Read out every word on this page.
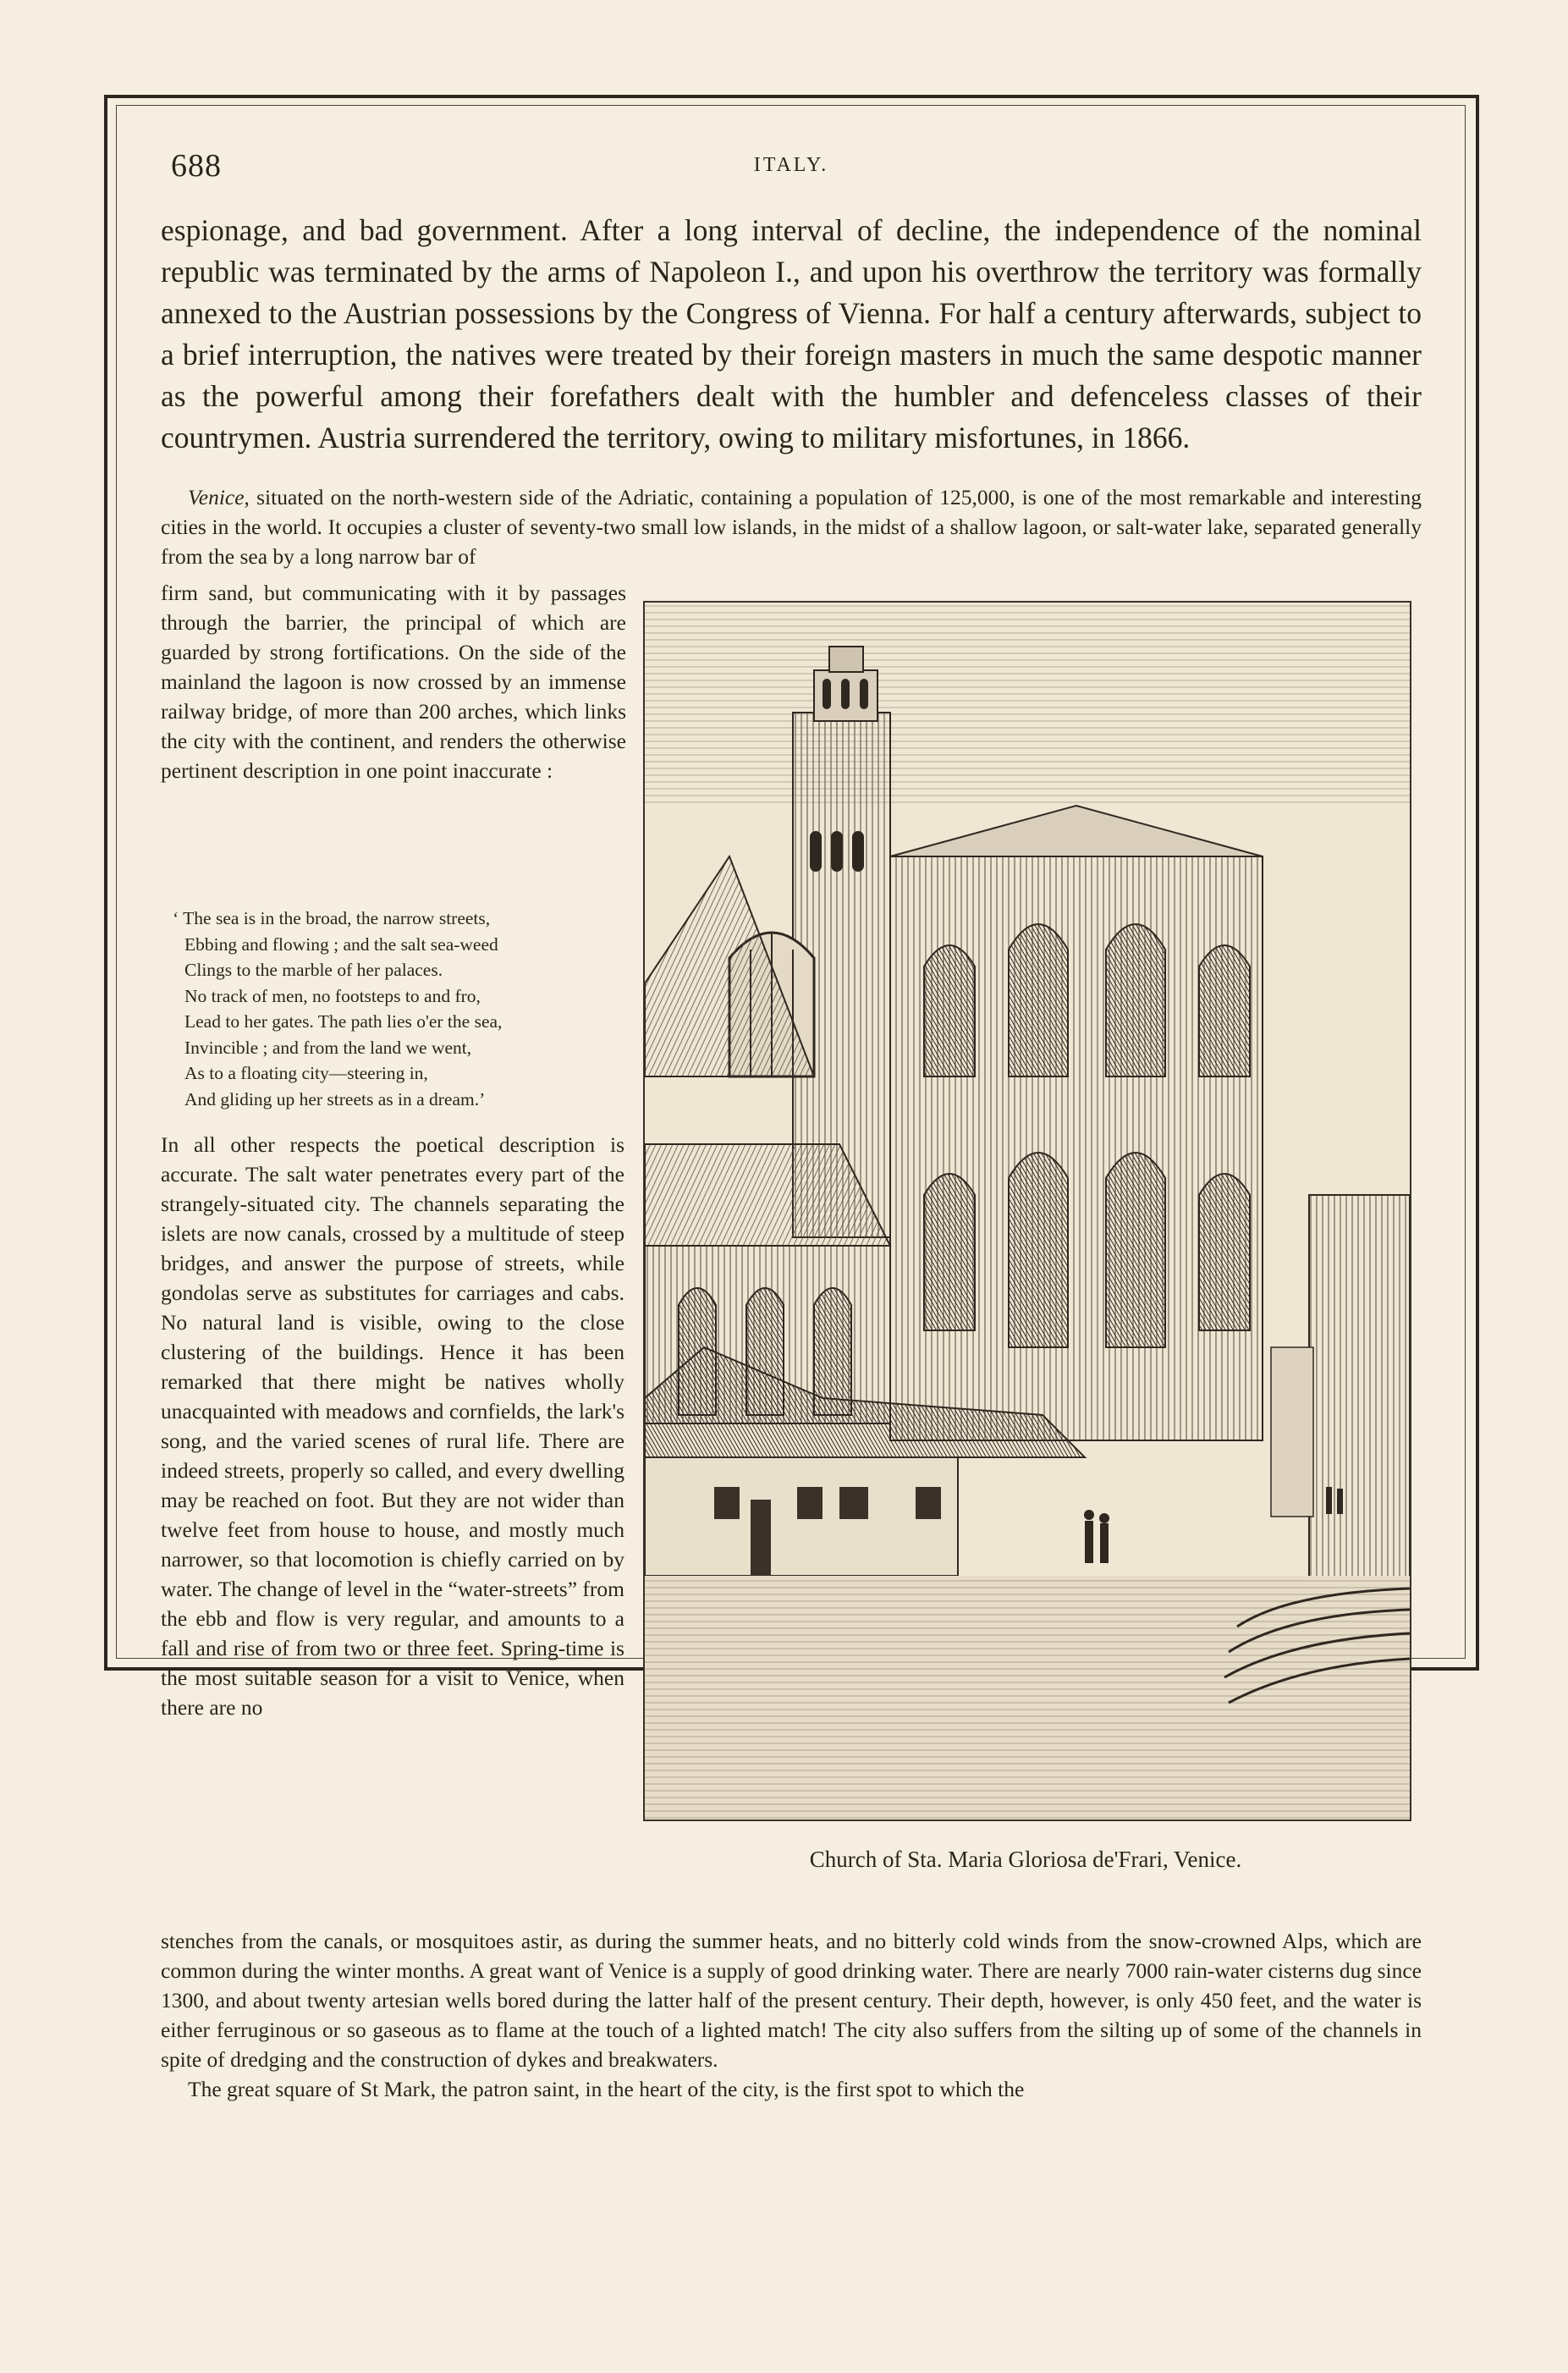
688	ITALY.

espionage, and bad government. After a long interval of decline, the independence of the nominal republic was terminated by the arms of Napoleon I., and upon his overthrow the territory was formally annexed to the Austrian possessions by the Congress of Vienna. For half a century afterwards, subject to a brief interruption, the natives were treated by their foreign masters in much the same despotic manner as the powerful among their forefathers dealt with the humbler and defenceless classes of their countrymen. Austria surrendered the territory, owing to military misfortunes, in 1866.

Venice, situated on the north-western side of the Adriatic, containing a population of 125,000, is one of the most remarkable and interesting cities in the world. It occupies a cluster of seventy-two small low islands, in the midst of a shallow lagoon, or salt-water lake, separated generally from the sea by a long narrow bar of

firm sand, but communicating with it by passages through the barrier, the principal of which are guarded by strong fortifications. On the side of the mainland the lagoon is now crossed by an immense railway bridge, of more than 200 arches, which links the city with the continent, and renders the otherwise pertinent description in one point inaccurate :

‘ The sea is in the broad, the narrow streets,
Ebbing and flowing ; and the salt sea-weed
Clings to the marble of her palaces.
No track of men, no footsteps to and fro,
Lead to her gates. The path lies o'er the sea,
Invincible ; and from the land we went,
As to a floating city—steering in,
And gliding up her streets as in a dream.’

In all other respects the poetical description is accurate. The salt water penetrates every part of the strangely-situated city. The channels separating the islets are now canals, crossed by a multitude of steep bridges, and answer the purpose of streets, while gondolas serve as substitutes for carriages and cabs. No natural land is visible, owing to the close clustering of the buildings. Hence it has been remarked that there might be natives wholly unacquainted with meadows and cornfields, the lark's song, and the varied scenes of rural life. There are indeed streets, properly so called, and every dwelling may be reached on foot. But they are not wider than twelve feet from house to house, and mostly much narrower, so that locomotion is chiefly carried on by water. The change of level in the “water-streets” from the ebb and flow is very regular, and amounts to a fall and rise of from two or three feet. Spring-time is the most suitable season for a visit to Venice, when there are no

stenches from the canals, or mosquitoes astir, as during the summer heats, and no bitterly cold winds from the snow-crowned Alps, which are common during the winter months. A great want of Venice is a supply of good drinking water. There are nearly 7000 rain-water cisterns dug since 1300, and about twenty artesian wells bored during the latter half of the present century. Their depth, however, is only 450 feet, and the water is either ferruginous or so gaseous as to flame at the touch of a lighted match! The city also suffers from the silting up of some of the channels in spite of dredging and the construction of dykes and breakwaters.

The great square of St Mark, the patron saint, in the heart of the city, is the first spot to which the

Church of Sta. Maria Gloriosa de'Frari, Venice.
